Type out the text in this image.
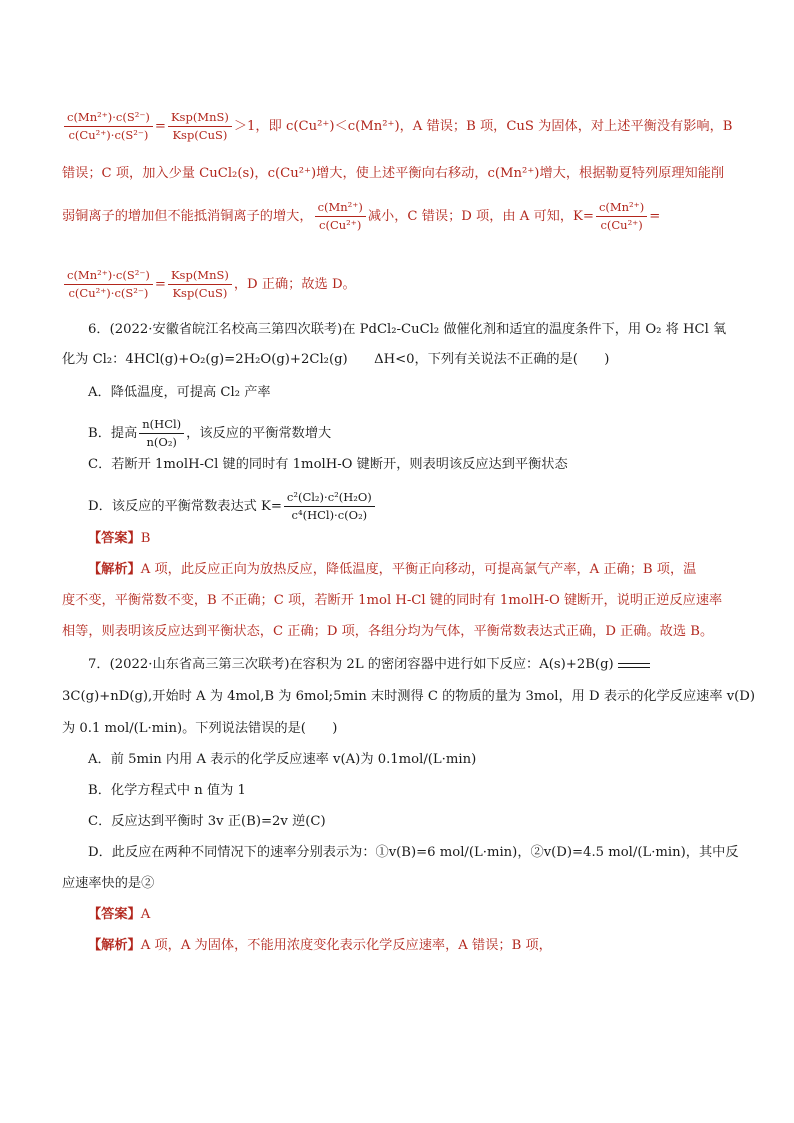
$\frac{\text{c(Mn²⁺)·c(S²⁻)}}{\text{c(Cu²⁺)·c(S²⁻)}} = \frac{\text{Ksp(MnS)}}{\text{Ksp(CuS)}} >1$，即 c(Cu²⁺)＜c(Mn²⁺)，A 错误；B 项，CuS 为固体，对上述平衡没有影响，B
错误；C 项，加入少量 CuCl₂(s)，c(Cu²⁺)增大，使上述平衡向右移动，c(Mn²⁺)增大，根据勒夏特列原理知能削
弱铜离子的增加但不能抵消铜离子的增大， $\frac{\text{c(Mn²⁺)}}{\text{c(Cu²⁺)}}$ 减小，C 错误；D 项，由 A 可知，$K= \frac{\text{c(Mn²⁺)}}{\text{c(Cu²⁺)}}$ =
$\frac{\text{c(Mn²⁺)·c(S²⁻)}}{\text{c(Cu²⁺)·c(S²⁻)}} = \frac{\text{Ksp(MnS)}}{\text{Ksp(CuS)}}$ ，D 正确；故选 D。
6．(2022·安徽省皖江名校高三第四次联考)在 PdCl₂-CuCl₂ 做催化剂和适宜的温度条件下，用 O₂ 将 HCl 氧
化为 Cl₂：4HCl(g)+O₂(g)=2H₂O(g)+2Cl₂(g)　　ΔH<0，下列有关说法不正确的是(　　)
A．降低温度，可提高 Cl₂ 产率
B．提高 $\frac{\text{n(HCl)}}{\text{n(O₂)}}$ ，该反应的平衡常数增大
C．若断开 1molH-Cl 键的同时有 1molH-O 键断开，则表明该反应达到平衡状态
D．该反应的平衡常数表达式 $K= \frac{\text{c²(Cl₂)·c²(H₂O)}}{\text{c⁴(HCl)·c(O₂)}}$
【答案】B
【解析】A 项，此反应正向为放热反应，降低温度，平衡正向移动，可提高氯气产率，A 正确；B 项，温
度不变，平衡常数不变，B 不正确；C 项，若断开 1mol H-Cl 键的同时有 1molH-O 键断开，说明正逆反应速率
相等，则表明该反应达到平衡状态，C 正确；D 项，各组分均为气体，平衡常数表达式正确，D 正确。故选 B。
7．(2022·山东省高三第三次联考)在容积为 2L 的密闭容器中进行如下反应：A(s)+2B(g)
3C(g)+nD(g),开始时 A 为 4mol,B 为 6mol;5min 末时测得 C 的物质的量为 3mol，用 D 表示的化学反应速率 v(D)
为 0.1 mol/(L·min)。下列说法错误的是(　　)
A．前 5min 内用 A 表示的化学反应速率 v(A)为 0.1mol/(L·min)
B．化学方程式中 n 值为 1
C．反应达到平衡时 3v 正(B)=2v 逆(C)
D．此反应在两种不同情况下的速率分别表示为：①v(B)=6 mol/(L·min)，②v(D)=4.5 mol/(L·min)，其中反
应速率快的是②
【答案】A
【解析】A 项，A 为固体，不能用浓度变化表示化学反应速率，A 错误；B 项，
